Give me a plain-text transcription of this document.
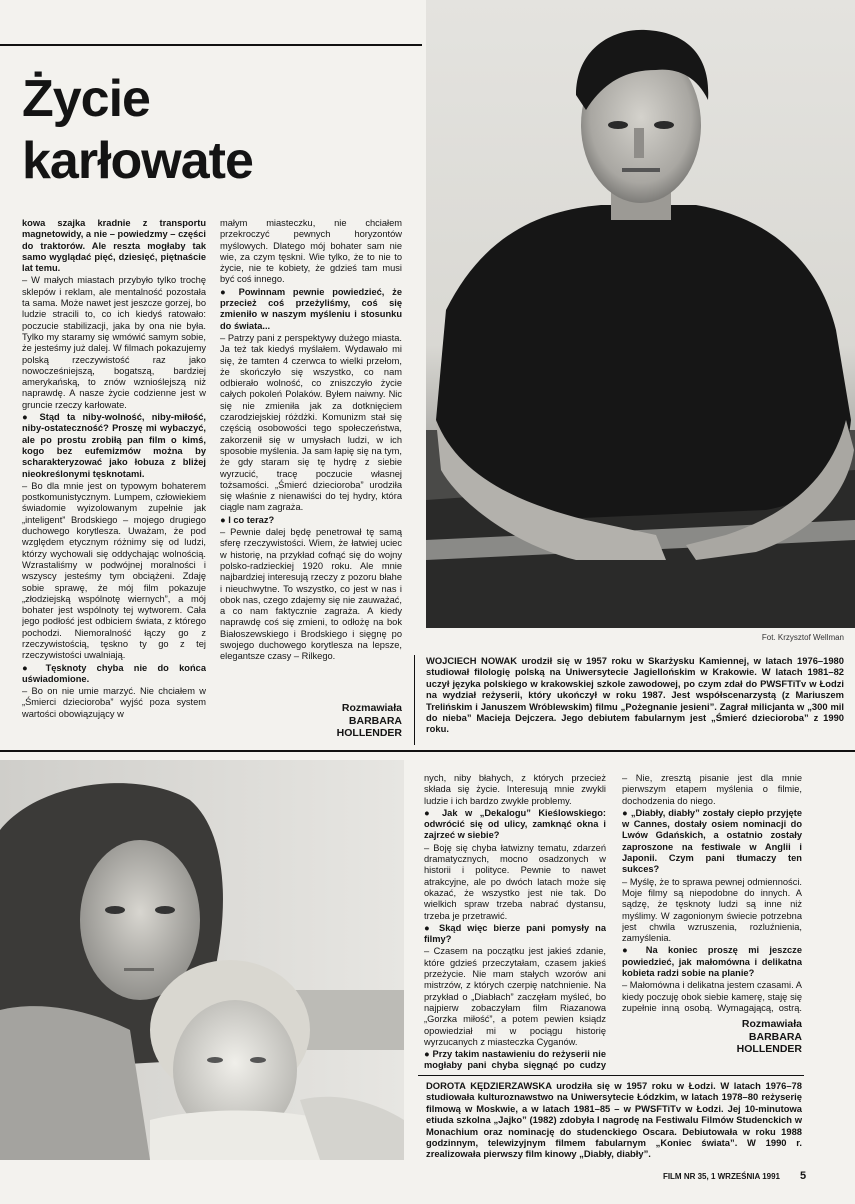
Życie
karłowate
Fot. Krzysztof Wellman

kowa szajka kradnie z transportu magnetowidy, a nie – powiedzmy – części do traktorów. Ale reszta mogłaby tak samo wyglądać pięć, dziesięć, piętnaście lat temu.

– W małych miastach przybyło tylko trochę sklepów i reklam, ale mentalność pozostała ta sama. Może nawet jest jeszcze gorzej, bo ludzie stracili to, co ich kiedyś ratowało: poczucie stabilizacji, jaka by ona nie była. Tylko my staramy się wmówić samym sobie, że jesteśmy już dalej. W filmach pokazujemy polską rzeczywistość raz jako nowocześniejszą, bogatszą, bardziej amerykańską, to znów wznioślejszą niż naprawdę. A nasze życie codzienne jest w gruncie rzeczy karłowate.

● Stąd ta niby-wolność, niby-miłość, niby-ostateczność? Proszę mi wybaczyć, ale po prostu zrobiłą pan film o kimś, kogo bez eufemizmów można by scharakteryzować jako łobuza z bliżej nieokreślonymi tęsknotami.

– Bo dla mnie jest on typowym bohaterem postkomunistycznym. Lumpem, człowiekiem świadomie wyizolowanym zupełnie jak „inteligent” Brodskiego – mojego drugiego duchowego korytlesza. Uważam, że pod względem etycznym różnimy się od ludzi, którzy wychowali się oddychając wolnością. Wzrastaliśmy w podwójnej moralności i wszyscy jesteśmy tym obciążeni. Zdaję sobie sprawę, że mój film pokazuje „złodziejską wspólnotę wiernych”, a mój bohater jest wspólnoty tej wytworem. Cała jego podłość jest odbiciem świata, z którego pochodzi. Niemoralność łączy go z rzeczywistością, tęskno ty go z tej rzeczywistości uwalniają.

● Tęsknoty chyba nie do końca uświadomione.

– Bo on nie umie marzyć. Nie chciałem w „Śmierci dziecioroba” wyjść poza system wartości obowiązujący w

małym miasteczku, nie chciałem przekroczyć pewnych horyzontów myślowych. Dlatego mój bohater sam nie wie, za czym tęskni. Wie tylko, że to nie to życie, nie te kobiety, że gdzieś tam musi być coś innego.

● Powinnam pewnie powiedzieć, że przecież coś przeżyliśmy, coś się zmieniło w naszym myśleniu i stosunku do świata...

– Patrzy pani z perspektywy dużego miasta. Ja też tak kiedyś myślałem. Wydawało mi się, że tamten 4 czerwca to wielki przełom, że skończyło się wszystko, co nam odbierało wolność, co zniszczyło życie całych pokoleń Polaków. Byłem naiwny. Nic się nie zmieniła jak za dotknięciem czarodziejskiej różdżki. Komunizm stał się częścią osobowości tego społeczeństwa, zakorzenił się w umysłach ludzi, w ich sposobie myślenia. Ja sam łapię się na tym, że gdy staram się tę hydrę z siebie wyrzucić, tracę poczucie własnej tożsamości. „Śmierć dziecioroba” urodziła się właśnie z nienawiści do tej hydry, która ciągle nam zagraża.

● I co teraz?

– Pewnie dalej będę penetrował tę samą sferę rzeczywistości. Wiem, że łatwiej uciec w historię, na przykład cofnąć się do wojny polsko-radzieckiej 1920 roku. Ale mnie najbardziej interesują rzeczy z pozoru błahe i nieuchwytne. To wszystko, co jest w nas i obok nas, czego zdajemy się nie zauważać, a co nam faktycznie zagraża. A kiedy naprawdę coś się zmieni, to odłożę na bok Białoszewskiego i Brodskiego i sięgnę po swojego duchowego korytlesza na lepsze, elegantsze czasy – Rilkego.

Rozmawiała
BARBARA
HOLLENDER
WOJCIECH NOWAK urodził się w 1957 roku w Skarżysku Kamiennej, w latach 1976–1980 studiował filologię polską na Uniwersytecie Jagiellońskim w Krakowie. W latach 1981–82 uczył języka polskiego w krakowskiej szkole zawodowej, po czym zdał do PWSFTiTv w Łodzi na wydział reżyserii, który ukończył w roku 1987. Jest współscenarzystą (z Mariuszem Trelińskim i Januszem Wróblewskim) filmu „Pożegnanie jesieni”. Zagrał milicjanta w „300 mil do nieba” Macieja Dejczera. Jego debiutem fabularnym jest „Śmierć dziecioroba” z 1990 roku.

nych, niby błahych, z których przecież składa się życie. Interesują mnie zwykli ludzie i ich bardzo zwykłe problemy.

● Jak w „Dekalogu” Kieślowskiego: odwrócić się od ulicy, zamknąć okna i zajrzeć w siebie?

– Boję się chyba łatwizny tematu, zdarzeń dramatycznych, mocno osadzonych w historii i polityce. Pewnie to nawet atrakcyjne, ale po dwóch latach może się okazać, że wszystko jest nie tak. Do wielkich spraw trzeba nabrać dystansu, trzeba je przetrawić.

● Skąd więc bierze pani pomysły na filmy?

– Czasem na początku jest jakieś zdanie, które gdzieś przeczytałam, czasem jakieś przeżycie. Nie mam stałych wzorów ani mistrzów, z których czerpię natchnienie. Na przykład o „Diabłach” zaczęłam myśleć, bo najpierw zobaczyłam film Riazanowa „Gorzka miłość”, a potem pewien ksiądz opowiedział mi w pociągu historię wyrzucanych z miasteczka Cyganów.

● Przy takim nastawieniu do reżyserii nie mogłaby pani chyba sięgnąć po cudzy

– Nie, zresztą pisanie jest dla mnie pierwszym etapem myślenia o filmie, dochodzenia do niego.

● „Diabły, diabły” zostały ciepło przyjęte w Cannes, dostały osiem nominacji do Lwów Gdańskich, a ostatnio zostały zaproszone na festiwale w Anglii i Japonii. Czym pani tłumaczy ten sukces?

– Myślę, że to sprawa pewnej odmienności. Moje filmy są niepodobne do innych. A sądzę, że tęsknoty ludzi są inne niż myślimy. W zagonionym świecie potrzebna jest chwila wzruszenia, rozluźnienia, zamyślenia.

● Na koniec proszę mi jeszcze powiedzieć, jak małomówna i delikatna kobieta radzi sobie na planie?

– Małomówna i delikatna jestem czasami. A kiedy poczuję obok siebie kamerę, staję się zupełnie inną osobą. Wymagającą, ostrą.

Rozmawiała
BARBARA
HOLLENDER
DOROTA KĘDZIERZAWSKA urodziła się w 1957 roku w Łodzi. W latach 1976–78 studiowała kulturoznawstwo na Uniwersytecie Łódzkim, w latach 1978–80 reżyserię filmową w Moskwie, a w latach 1981–85 – w PWSFTiTv w Łodzi. Jej 10-minutowa etiuda szkolna „Jajko” (1982) zdobyła I nagrodę na Festiwalu Filmów Studenckich w Monachium oraz nominację do studenckiego Oscara. Debiutowała w roku 1988 godzinnym, telewizyjnym filmem fabularnym „Koniec świata”. W 1990 r. zrealizowała pierwszy film kinowy „Diabły, diabły”.
FILM NR 35, 1 WRZEŚNIA 1991 5
